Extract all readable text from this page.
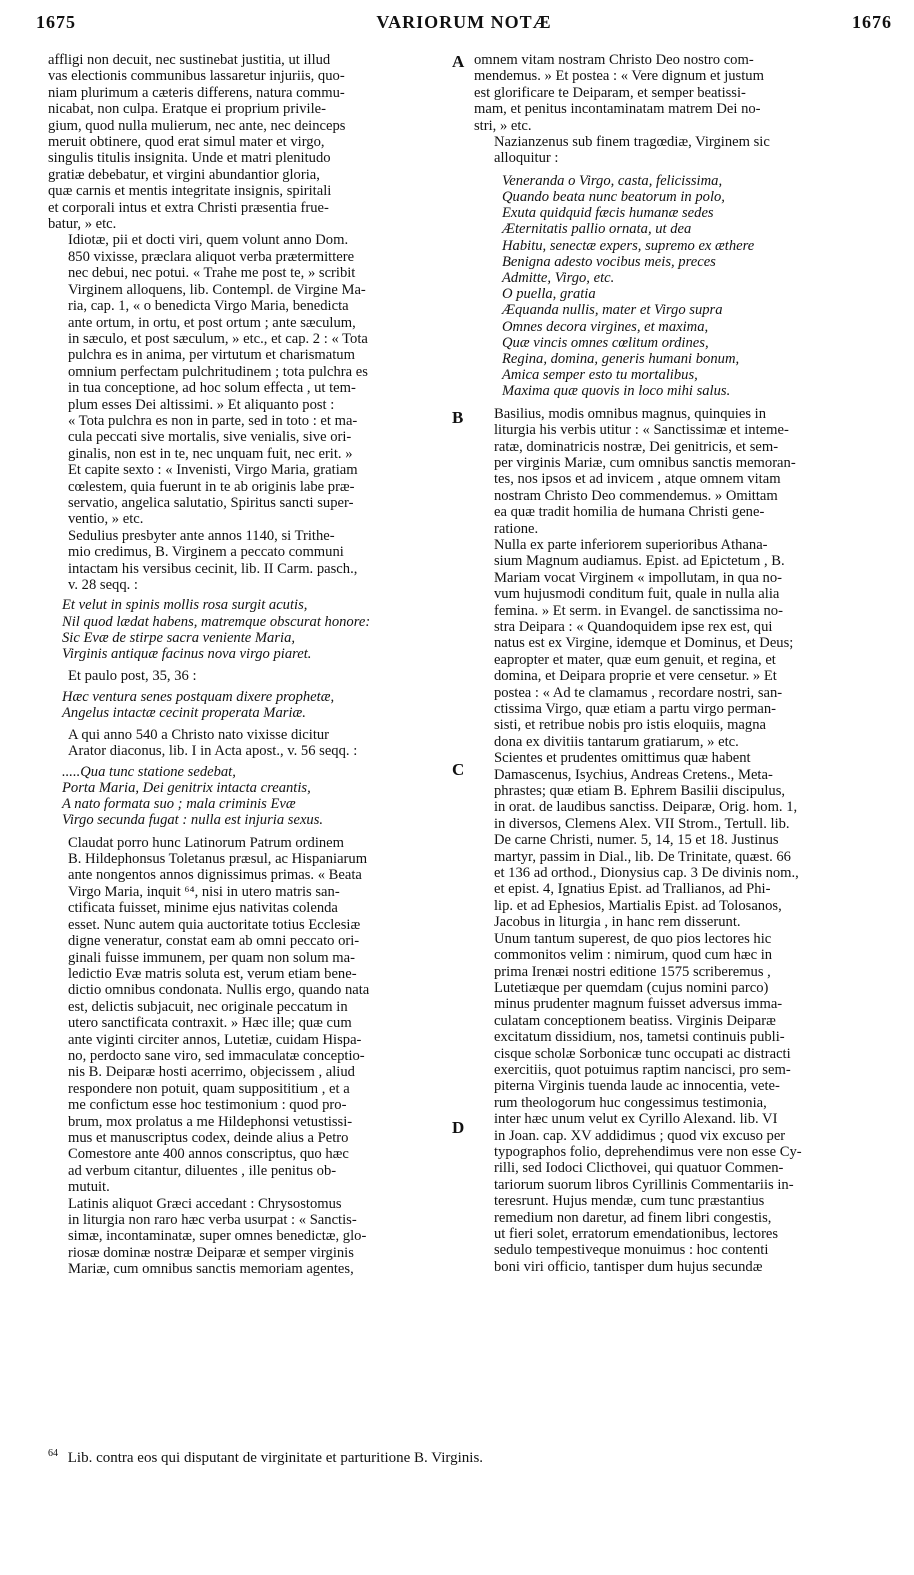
1675	VARIORUM NOTÆ	1676
A
B
C
D
affligi non decuit, nec sustinebat justitia, ut illud
vas electionis communibus lassaretur injuriis, quo-
niam plurimum a cæteris differens, natura commu-
nicabat, non culpa. Eratque ei proprium privile-
gium, quod nulla mulierum, nec ante, nec deinceps
meruit obtinere, quod erat simul mater et virgo,
singulis titulis insignita. Unde et matri plenitudo
gratiæ debebatur, et virgini abundantior gloria,
quæ carnis et mentis integritate insignis, spiritali
et corporali intus et extra Christi præsentia frue-
batur, » etc.
Idiotæ, pii et docti viri, quem volunt anno Dom.
850 vixisse, præclara aliquot verba prætermittere
nec debui, nec potui. « Trahe me post te, » scribit
Virginem alloquens, lib. Contempl. de Virgine Ma-
ria, cap. 1, « o benedicta Virgo Maria, benedicta
ante ortum, in ortu, et post ortum ; ante sæculum,
in sæculo, et post sæculum, » etc., et cap. 2 : « Tota
pulchra es in anima, per virtutum et charismatum
omnium perfectam pulchritudinem ; tota pulchra es
in tua conceptione, ad hoc solum effecta , ut tem-
plum esses Dei altissimi. » Et aliquanto post :
« Tota pulchra es non in parte, sed in toto : et ma-
cula peccati sive mortalis, sive venialis, sive ori-
ginalis, non est in te, nec unquam fuit, nec erit. »
Et capite sexto : « Invenisti, Virgo Maria, gratiam
cœlestem, quia fuerunt in te ab originis labe præ-
servatio, angelica salutatio, Spiritus sancti super-
ventio, » etc.
Sedulius presbyter ante annos 1140, si Trithe-
mio credimus, B. Virginem a peccato communi
intactam his versibus cecinit, lib. II Carm. pasch.,
v. 28 seqq. :
Et velut in spinis mollis rosa surgit acutis,
Nil quod lædat habens, matremque obscurat honore:
Sic Evæ de stirpe sacra veniente Maria,
Virginis antiquæ facinus nova virgo piaret.
Et paulo post, 35, 36 :
Hæc ventura senes postquam dixere prophetæ,
Angelus intactæ cecinit properata Mariæ.
A qui anno 540 a Christo nato vixisse dicitur
Arator diaconus, lib. I in Acta apost., v. 56 seqq. :
.....Qua tunc statione sedebat,
Porta Maria, Dei genitrix intacta creantis,
A nato formata suo ; mala criminis Evæ
Virgo secunda fugat : nulla est injuria sexus.
Claudat porro hunc Latinorum Patrum ordinem
B. Hildephonsus Toletanus præsul, ac Hispaniarum
ante nongentos annos dignissimus primas. « Beata
Virgo Maria, inquit ⁶⁴, nisi in utero matris san-
ctificata fuisset, minime ejus nativitas colenda
esset. Nunc autem quia auctoritate totius Ecclesiæ
digne veneratur, constat eam ab omni peccato ori-
ginali fuisse immunem, per quam non solum ma-
ledictio Evæ matris soluta est, verum etiam bene-
dictio omnibus condonata. Nullis ergo, quando nata
est, delictis subjacuit, nec originale peccatum in
utero sanctificata contraxit. » Hæc ille; quæ cum
ante viginti circiter annos, Lutetiæ, cuidam Hispa-
no, perdocto sane viro, sed immaculatæ conceptio-
nis B. Deiparæ hosti acerrimo, objecissem , aliud
respondere non potuit, quam supposititium , et a
me confictum esse hoc testimonium : quod pro-
brum, mox prolatus a me Hildephonsi vetustissi-
mus et manuscriptus codex, deinde alius a Petro
Comestore ante 400 annos conscriptus, quo hæc
ad verbum citantur, diluentes , ille penitus ob-
mutuit.
Latinis aliquot Græci accedant : Chrysostomus
in liturgia non raro hæc verba usurpat : « Sanctis-
simæ, incontaminatæ, super omnes benedictæ, glo-
riosæ dominæ nostræ Deiparæ et semper virginis
Mariæ, cum omnibus sanctis memoriam agentes,
omnem vitam nostram Christo Deo nostro com-
mendemus. » Et postea : « Vere dignum et justum
est glorificare te Deiparam, et semper beatissi-
mam, et penitus incontaminatam matrem Dei no-
stri, » etc.
Nazianzenus sub finem tragœdiæ, Virginem sic
alloquitur :
Veneranda o Virgo, casta, felicissima,
Quando beata nunc beatorum in polo,
Exuta quidquid fæcis humanæ sedes
Æternitatis pallio ornata, ut dea
Habitu, senectæ expers, supremo ex æthere
Benigna adesto vocibus meis, preces
Admitte, Virgo, etc.
O puella, gratia
Æquanda nullis, mater et Virgo supra
Omnes decora virgines, et maxima,
Quæ vincis omnes cœlitum ordines,
Regina, domina, generis humani bonum,
Amica semper esto tu mortalibus,
Maxima quæ quovis in loco mihi salus.
Basilius, modis omnibus magnus, quinquies in
liturgia his verbis utitur : « Sanctissimæ et inteme-
ratæ, dominatricis nostræ, Dei genitricis, et sem-
per virginis Mariæ, cum omnibus sanctis memoran-
tes, nos ipsos et ad invicem , atque omnem vitam
nostram Christo Deo commendemus. » Omittam
ea quæ tradit homilia de humana Christi gene-
ratione.
Nulla ex parte inferiorem superioribus Athana-
sium Magnum audiamus. Epist. ad Epictetum , B.
Mariam vocat Virginem « impollutam, in qua no-
vum hujusmodi conditum fuit, quale in nulla alia
femina. » Et serm. in Evangel. de sanctissima no-
stra Deipara : « Quandoquidem ipse rex est, qui
natus est ex Virgine, idemque et Dominus, et Deus;
eapropter et mater, quæ eum genuit, et regina, et
domina, et Deipara proprie et vere censetur. » Et
postea : « Ad te clamamus , recordare nostri, san-
ctissima Virgo, quæ etiam a partu virgo perman-
sisti, et retribue nobis pro istis eloquiis, magna
dona ex divitiis tantarum gratiarum, » etc.
Scientes et prudentes omittimus quæ habent
Damascenus, Isychius, Andreas Cretens., Meta-
phrastes; quæ etiam B. Ephrem Basilii discipulus,
in orat. de laudibus sanctiss. Deiparæ, Orig. hom. 1,
in diversos, Clemens Alex. VII Strom., Tertull. lib.
De carne Christi, numer. 5, 14, 15 et 18. Justinus
martyr, passim in Dial., lib. De Trinitate, quæst. 66
et 136 ad orthod., Dionysius cap. 3 De divinis nom.,
et epist. 4, Ignatius Epist. ad Trallianos, ad Phi-
lip. et ad Ephesios, Martialis Epist. ad Tolosanos,
Jacobus in liturgia , in hanc rem disserunt.
Unum tantum superest, de quo pios lectores hic
commonitos velim : nimirum, quod cum hæc in
prima Irenæi nostri editione 1575 scriberemus ,
Lutetiæque per quemdam (cujus nomini parco)
minus prudenter magnum fuisset adversus imma-
culatam conceptionem beatiss. Virginis Deiparæ
excitatum dissidium, nos, tametsi continuis publi-
cisque scholæ Sorbonicæ tunc occupati ac distracti
exercitiis, quot potuimus raptim nancisci, pro sem-
piterna Virginis tuenda laude ac innocentia, vete-
rum theologorum huc congessimus testimonia,
inter hæc unum velut ex Cyrillo Alexand. lib. VI
in Joan. cap. XV addidimus ; quod vix excuso per
typographos folio, deprehendimus vere non esse Cy-
rilli, sed Iodoci Clicthovei, qui quatuor Commen-
tariorum suorum libros Cyrillinis Commentariis in-
teresrunt. Hujus mendæ, cum tunc præstantius
remedium non daretur, ad finem libri congestis,
ut fieri solet, erratorum emendationibus, lectores
sedulo tempestiveque monuimus : hoc contenti
boni viri officio, tantisper dum hujus secundæ
$^{64}$ Lib. contra eos qui disputant de virginitate et parturitione B. Virginis.
